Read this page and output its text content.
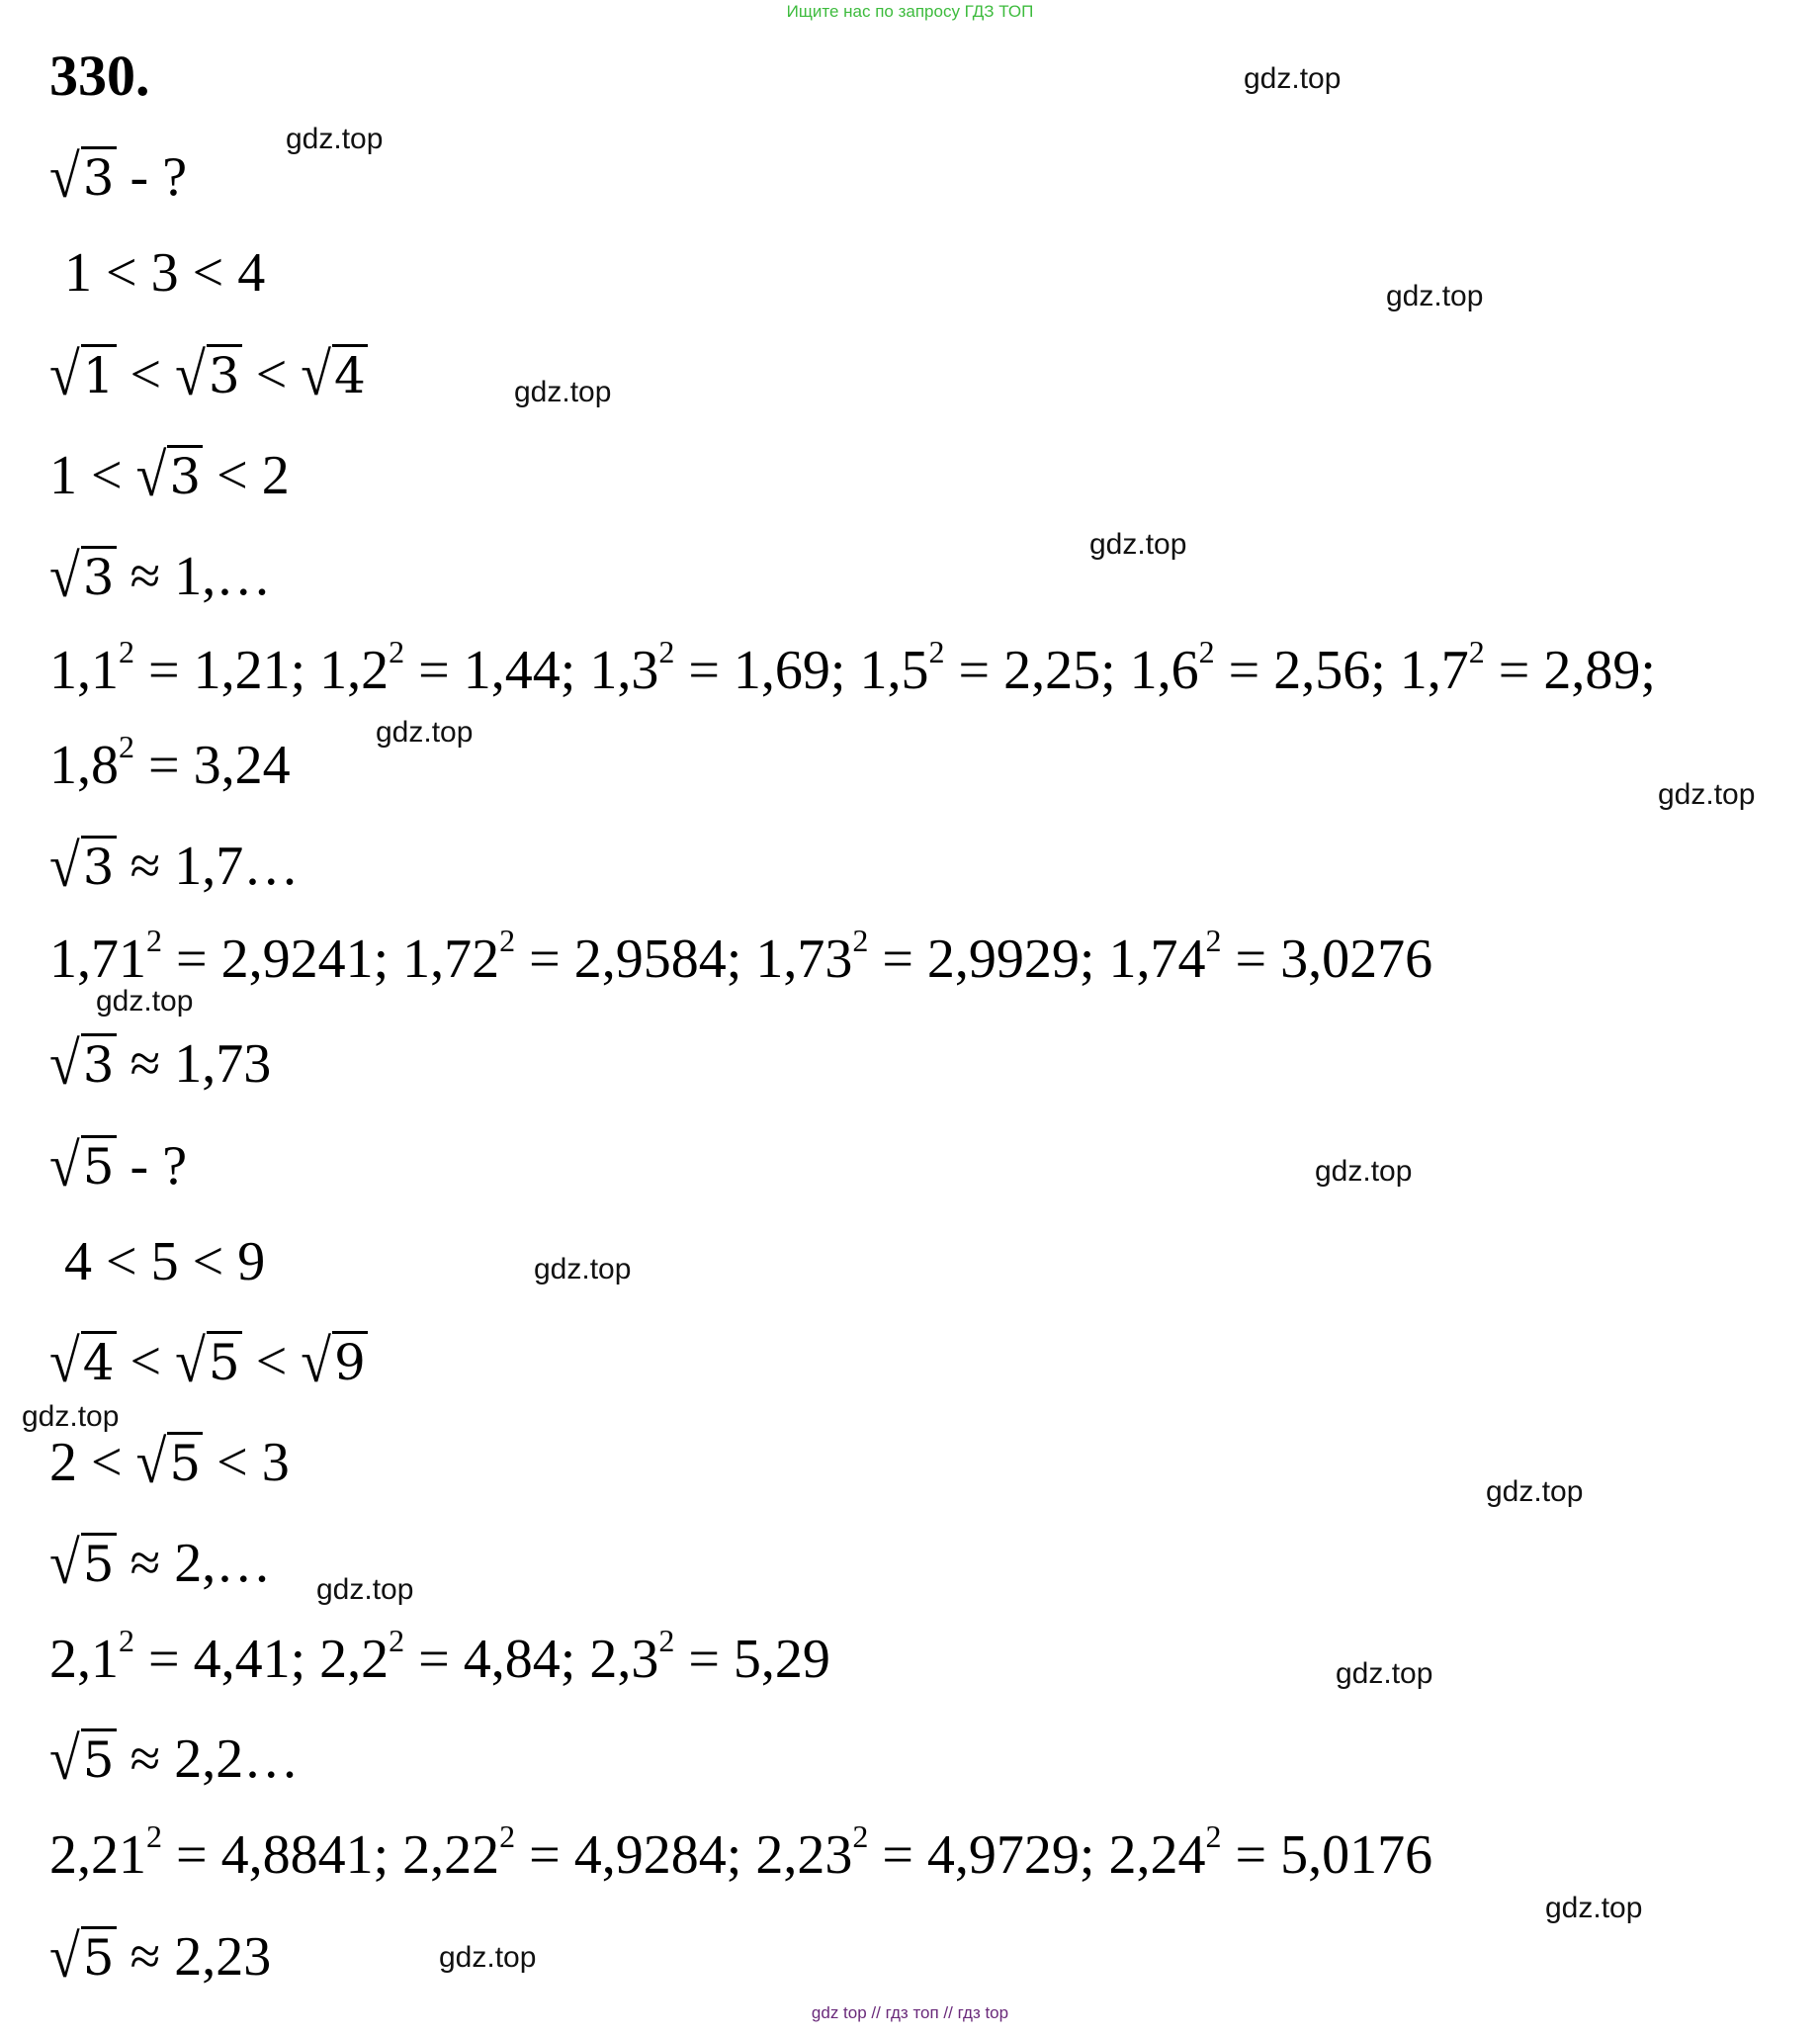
Ищите нас по запросу ГДЗ ТОП
330.
√3 - ?
1 < 3 < 4
√1 < √3 < √4
1 < √3 < 2
√3 ≈ 1,…
$1,1^2 = 1,21$; $1,2^2 = 1,44$; $1,3^2 = 1,69$; $1,5^2 = 2,25$; $1,6^2 = 2,56$; $1,7^2 = 2,89$;
$1,8^2 = 3,24$
√3 ≈ 1,7…
$1,71^2 = 2,9241$; $1,72^2 = 2,9584$; $1,73^2 = 2,9929$; $1,74^2 = 3,0276$
√3 ≈ 1,73
√5 - ?
4 < 5 < 9
√4 < √5 < √9
2 < √5 < 3
√5 ≈ 2,…
$2,1^2 = 4,41$; $2,2^2 = 4,84$; $2,3^2 = 5,29$
√5 ≈ 2,2…
$2,21^2 = 4,8841$; $2,22^2 = 4,9284$; $2,23^2 = 4,9729$; $2,24^2 = 5,0176$
√5 ≈ 2,23
gdz.top
gdz.top
gdz.top
gdz.top
gdz.top
gdz.top
gdz.top
gdz.top
gdz.top
gdz.top
gdz.top
gdz.top
gdz.top
gdz.top
gdz.top
gdz.top
gdz top // гдз топ // гдз top
